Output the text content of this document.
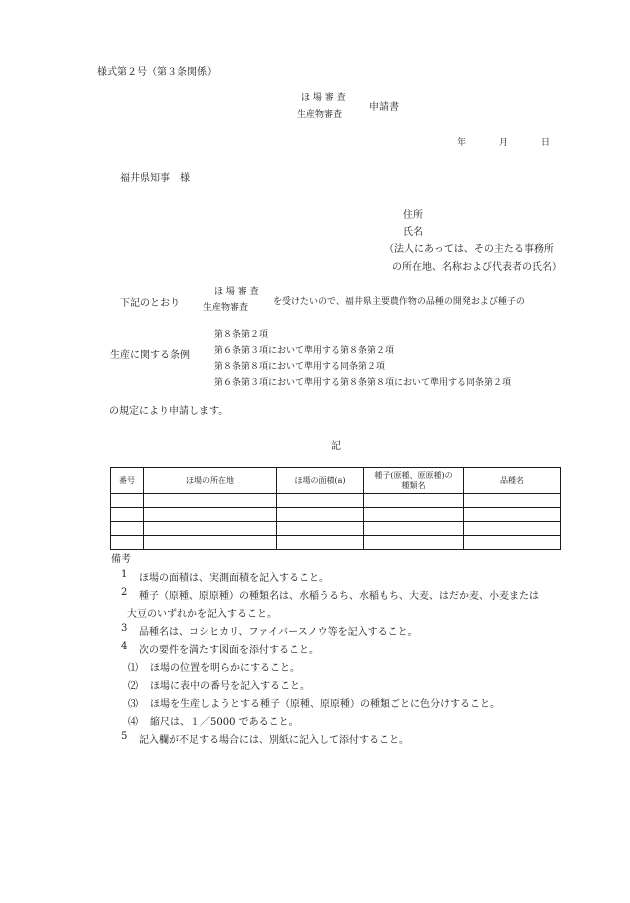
様式第２号（第３条関係）
ほ 場 審 査
生産物審査
申請書
年	月	日
福井県知事　様
住所
氏名
（法人にあっては、その主たる事務所
の所在地、名称および代表者の氏名）
下記のとおり
ほ 場 審 査
生産物審査
を受けたいので、福井県主要農作物の品種の開発および種子の
生産に関する条例
第８条第２項
第６条第３項において準用する第８条第２項
第８条第８項において準用する同条第２項
第６条第３項において準用する第８条第８項において準用する同条第２項
の規定により申請します。
記
番号	ほ場の所在地	ほ場の面積(a)	種子(原種、原原種)の
種類名	品種名

備考
1 ほ場の面積は、実測面積を記入すること。
2 種子（原種、原原種）の種類名は、水稲うるち、水稲もち、大麦、はだか麦、小麦または
大豆のいずれかを記入すること。
3 品種名は、コシヒカリ、ファイバースノウ等を記入すること。
4 次の要件を満たす図面を添付すること。
⑴ ほ場の位置を明らかにすること。
⑵ ほ場に表中の番号を記入すること。
⑶ ほ場を生産しようとする種子（原種、原原種）の種類ごとに色分けすること。
⑷ 縮尺は、１／5000 であること。
5 記入欄が不足する場合には、別紙に記入して添付すること。
